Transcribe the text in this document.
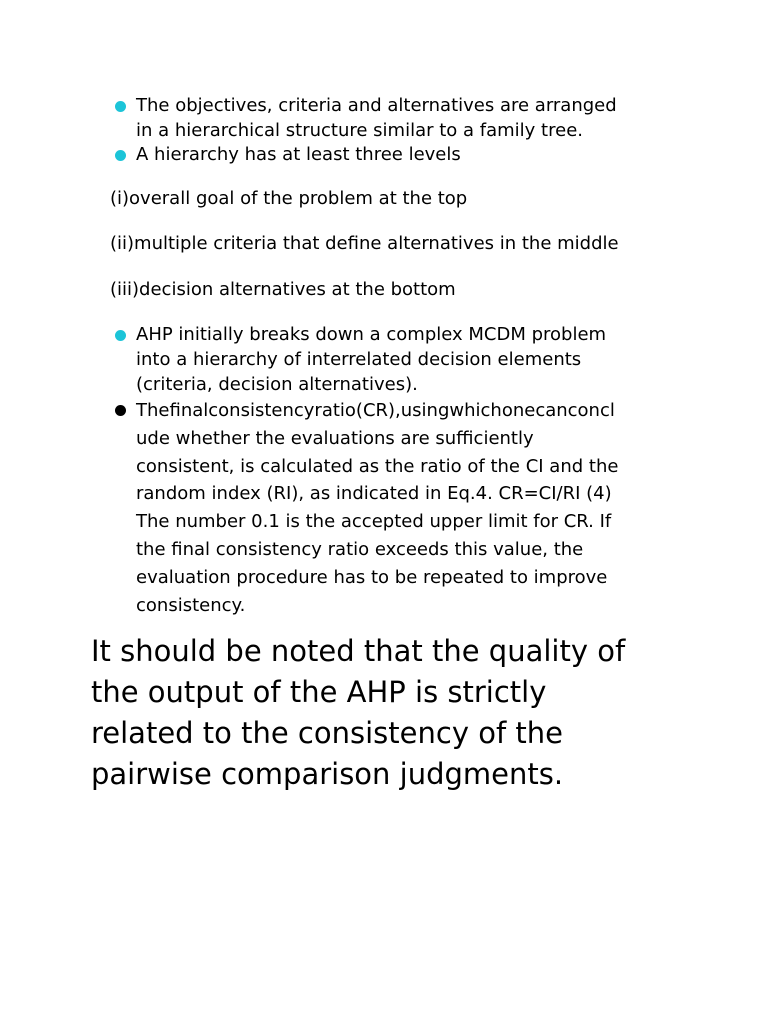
The objectives, criteria and alternatives are arranged
in a hierarchical structure similar to a family tree.
A hierarchy has at least three levels
(i)overall goal of the problem at the top
(ii)multiple criteria that define alternatives in the middle
(iii)decision alternatives at the bottom
AHP initially breaks down a complex MCDM problem
into a hierarchy of interrelated decision elements
(criteria, decision alternatives).
Thefinalconsistencyratio(CR),usingwhichonecanconcl
ude whether the evaluations are sufficiently
consistent, is calculated as the ratio of the CI and the
random index (RI), as indicated in Eq.4. CR=CI/RI (4)
The number 0.1 is the accepted upper limit for CR. If
the final consistency ratio exceeds this value, the
evaluation procedure has to be repeated to improve
consistency.
It should be noted that the quality of
the output of the AHP is strictly
related to the consistency of the
pairwise comparison judgments.
